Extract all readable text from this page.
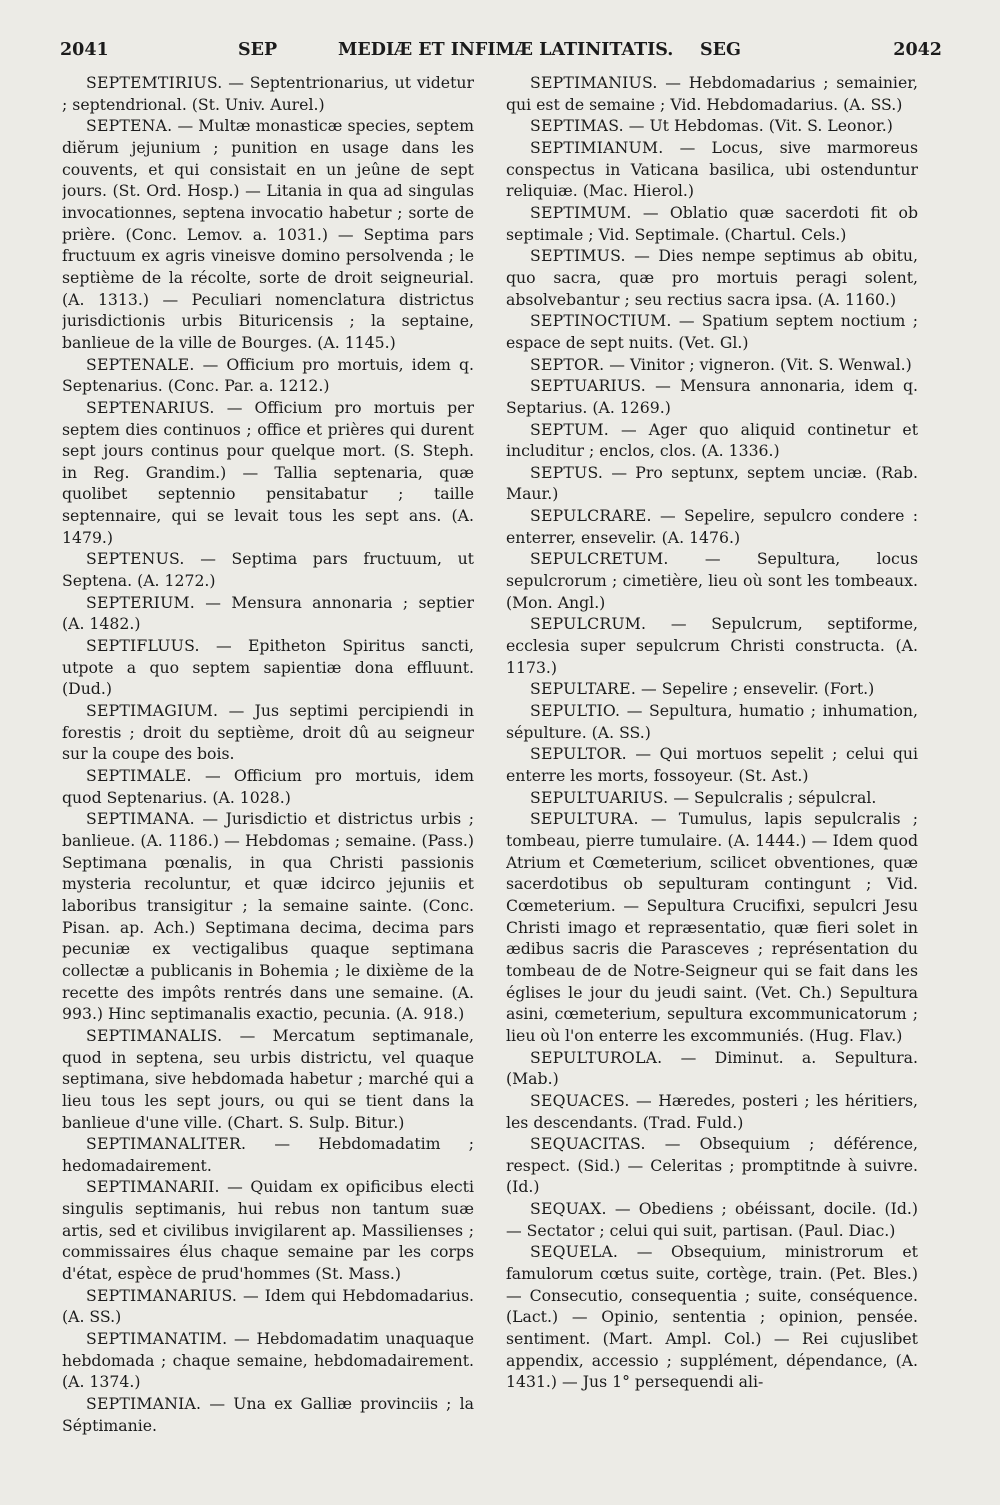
2041	SEP	MEDIÆ ET INFIMÆ LATINITATIS. SEG	2042

SEPTEMTIRIUS. — Septentrionarius, ut videtur ; septendrional. (St. Univ. Aurel.)

SEPTENA. — Multæ monasticæ species, septem diĕrum jejunium ; punition en usage dans les couvents, et qui consistait en un jeûne de sept jours. (St. Ord. Hosp.) — Litania in qua ad singulas invocationnes, septena invocatio habetur ; sorte de prière. (Conc. Lemov. a. 1031.) — Septima pars fructuum ex agris vineisve domino persolvenda ; le septième de la récolte, sorte de droit seigneurial. (A. 1313.) — Peculiari nomenclatura districtus jurisdictionis urbis Bituricensis ; la septaine, banlieue de la ville de Bourges. (A. 1145.)

SEPTENALE. — Officium pro mortuis, idem q. Septenarius. (Conc. Par. a. 1212.)

SEPTENARIUS. — Officium pro mortuis per septem dies continuos ; office et prières qui durent sept jours continus pour quelque mort. (S. Steph. in Reg. Grandim.) — Tallia septenaria, quæ quolibet septennio pensitabatur ; taille septennaire, qui se levait tous les sept ans. (A. 1479.)

SEPTENUS. — Septima pars fructuum, ut Septena. (A. 1272.)

SEPTERIUM. — Mensura annonaria ; septier (A. 1482.)

SEPTIFLUUS. — Epitheton Spiritus sancti, utpote a quo septem sapientiæ dona effluunt. (Dud.)

SEPTIMAGIUM. — Jus septimi percipiendi in forestis ; droit du septième, droit dû au seigneur sur la coupe des bois.

SEPTIMALE. — Officium pro mortuis, idem quod Septenarius. (A. 1028.)

SEPTIMANA. — Jurisdictio et districtus urbis ; banlieue. (A. 1186.) — Hebdomas ; semaine. (Pass.) Septimana pœnalis, in qua Christi passionis mysteria recoluntur, et quæ idcirco jejuniis et laboribus transigitur ; la semaine sainte. (Conc. Pisan. ap. Ach.) Septimana decima, decima pars pecuniæ ex vectigalibus quaque septimana collectæ a publicanis in Bohemia ; le dixième de la recette des impôts rentrés dans une semaine. (A. 993.) Hinc septimanalis exactio, pecunia. (A. 918.)

SEPTIMANALIS. — Mercatum septimanale, quod in septena, seu urbis districtu, vel quaque septimana, sive hebdomada habetur ; marché qui a lieu tous les sept jours, ou qui se tient dans la banlieue d'une ville. (Chart. S. Sulp. Bitur.)

SEPTIMANALITER. — Hebdomadatim ; hedomadairement.

SEPTIMANARII. — Quidam ex opificibus electi singulis septimanis, hui rebus non tantum suæ artis, sed et civilibus invigilarent ap. Massilienses ; commissaires élus chaque semaine par les corps d'état, espèce de prud'hommes (St. Mass.)

SEPTIMANARIUS. — Idem qui Hebdomadarius. (A. SS.)

SEPTIMANATIM. — Hebdomadatim unaquaque hebdomada ; chaque semaine, hebdomadairement. (A. 1374.)

SEPTIMANIA. — Una ex Galliæ provinciis ; la Séptimanie.

SEPTIMANIUS. — Hebdomadarius ; semainier, qui est de semaine ; Vid. Hebdomadarius. (A. SS.)

SEPTIMAS. — Ut Hebdomas. (Vit. S. Leonor.)

SEPTIMIANUM. — Locus, sive marmoreus conspectus in Vaticana basilica, ubi ostenduntur reliquiæ. (Mac. Hierol.)

SEPTIMUM. — Oblatio quæ sacerdoti fit ob septimale ; Vid. Septimale. (Chartul. Cels.)

SEPTIMUS. — Dies nempe septimus ab obitu, quo sacra, quæ pro mortuis peragi solent, absolvebantur ; seu rectius sacra ipsa. (A. 1160.)

SEPTINOCTIUM. — Spatium septem noctium ; espace de sept nuits. (Vet. Gl.)

SEPTOR. — Vinitor ; vigneron. (Vit. S. Wenwal.)

SEPTUARIUS. — Mensura annonaria, idem q. Septarius. (A. 1269.)

SEPTUM. — Ager quo aliquid continetur et includitur ; enclos, clos. (A. 1336.)

SEPTUS. — Pro septunx, septem unciæ. (Rab. Maur.)

SEPULCRARE. — Sepelire, sepulcro condere : enterrer, ensevelir. (A. 1476.)

SEPULCRETUM. — Sepultura, locus sepulcrorum ; cimetière, lieu où sont les tombeaux. (Mon. Angl.)

SEPULCRUM. — Sepulcrum, septiforme, ecclesia super sepulcrum Christi constructa. (A. 1173.)

SEPULTARE. — Sepelire ; ensevelir. (Fort.)

SEPULTIO. — Sepultura, humatio ; inhumation, sépulture. (A. SS.)

SEPULTOR. — Qui mortuos sepelit ; celui qui enterre les morts, fossoyeur. (St. Ast.)

SEPULTUARIUS. — Sepulcralis ; sépulcral.

SEPULTURA. — Tumulus, lapis sepulcralis ; tombeau, pierre tumulaire. (A. 1444.) — Idem quod Atrium et Cœmeterium, scilicet obventiones, quæ sacerdotibus ob sepulturam contingunt ; Vid. Cœmeterium. — Sepultura Crucifixi, sepulcri Jesu Christi imago et repræsentatio, quæ fieri solet in ædibus sacris die Parasceves ; représentation du tombeau de de Notre-Seigneur qui se fait dans les églises le jour du jeudi saint. (Vet. Ch.) Sepultura asini, cœmeterium, sepultura excommunicatorum ; lieu où l'on enterre les excommuniés. (Hug. Flav.)

SEPULTUROLA. — Diminut. a. Sepultura. (Mab.)

SEQUACES. — Hæredes, posteri ; les héritiers, les descendants. (Trad. Fuld.)

SEQUACITAS. — Obsequium ; déférence, respect. (Sid.) — Celeritas ; promptitnde à suivre. (Id.)

SEQUAX. — Obediens ; obéissant, docile. (Id.) — Sectator ; celui qui suit, partisan. (Paul. Diac.)

SEQUELA. — Obsequium, ministrorum et famulorum cœtus suite, cortège, train. (Pet. Bles.) — Consecutio, consequentia ; suite, conséquence. (Lact.) — Opinio, sententia ; opinion, pensée. sentiment. (Mart. Ampl. Col.) — Rei cujuslibet appendix, accessio ; supplément, dépendance, (A. 1431.) — Jus 1° persequendi ali-
